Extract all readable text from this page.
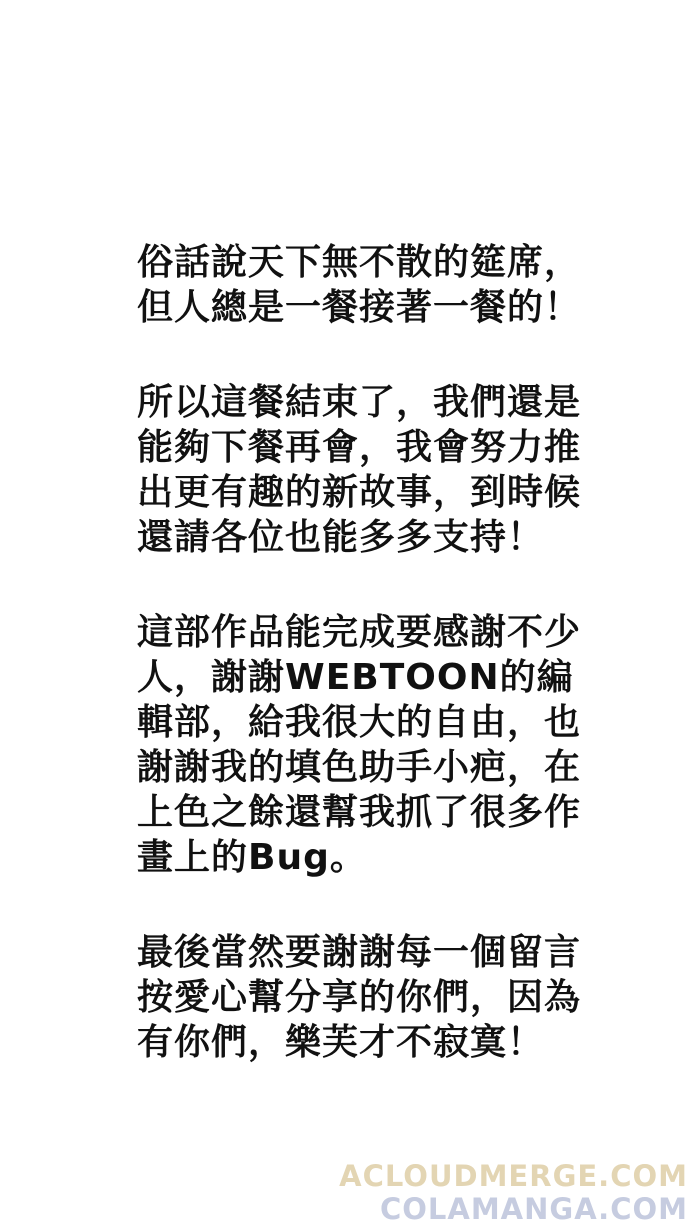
俗話說天下無不散的筵席，
但人總是一餐接著一餐的！
所以這餐結束了，我們還是
能夠下餐再會，我會努力推
出更有趣的新故事，到時候
還請各位也能多多支持！
這部作品能完成要感謝不少
人，謝謝WEBTOON的編
輯部，給我很大的自由，也
謝謝我的填色助手小疤，在
上色之餘還幫我抓了很多作
畫上的Bug。
最後當然要謝謝每一個留言
按愛心幫分享的你們，因為
有你們，樂芙才不寂寞！
ACLOUDMERGE.COM
COLAMANGA.COM
